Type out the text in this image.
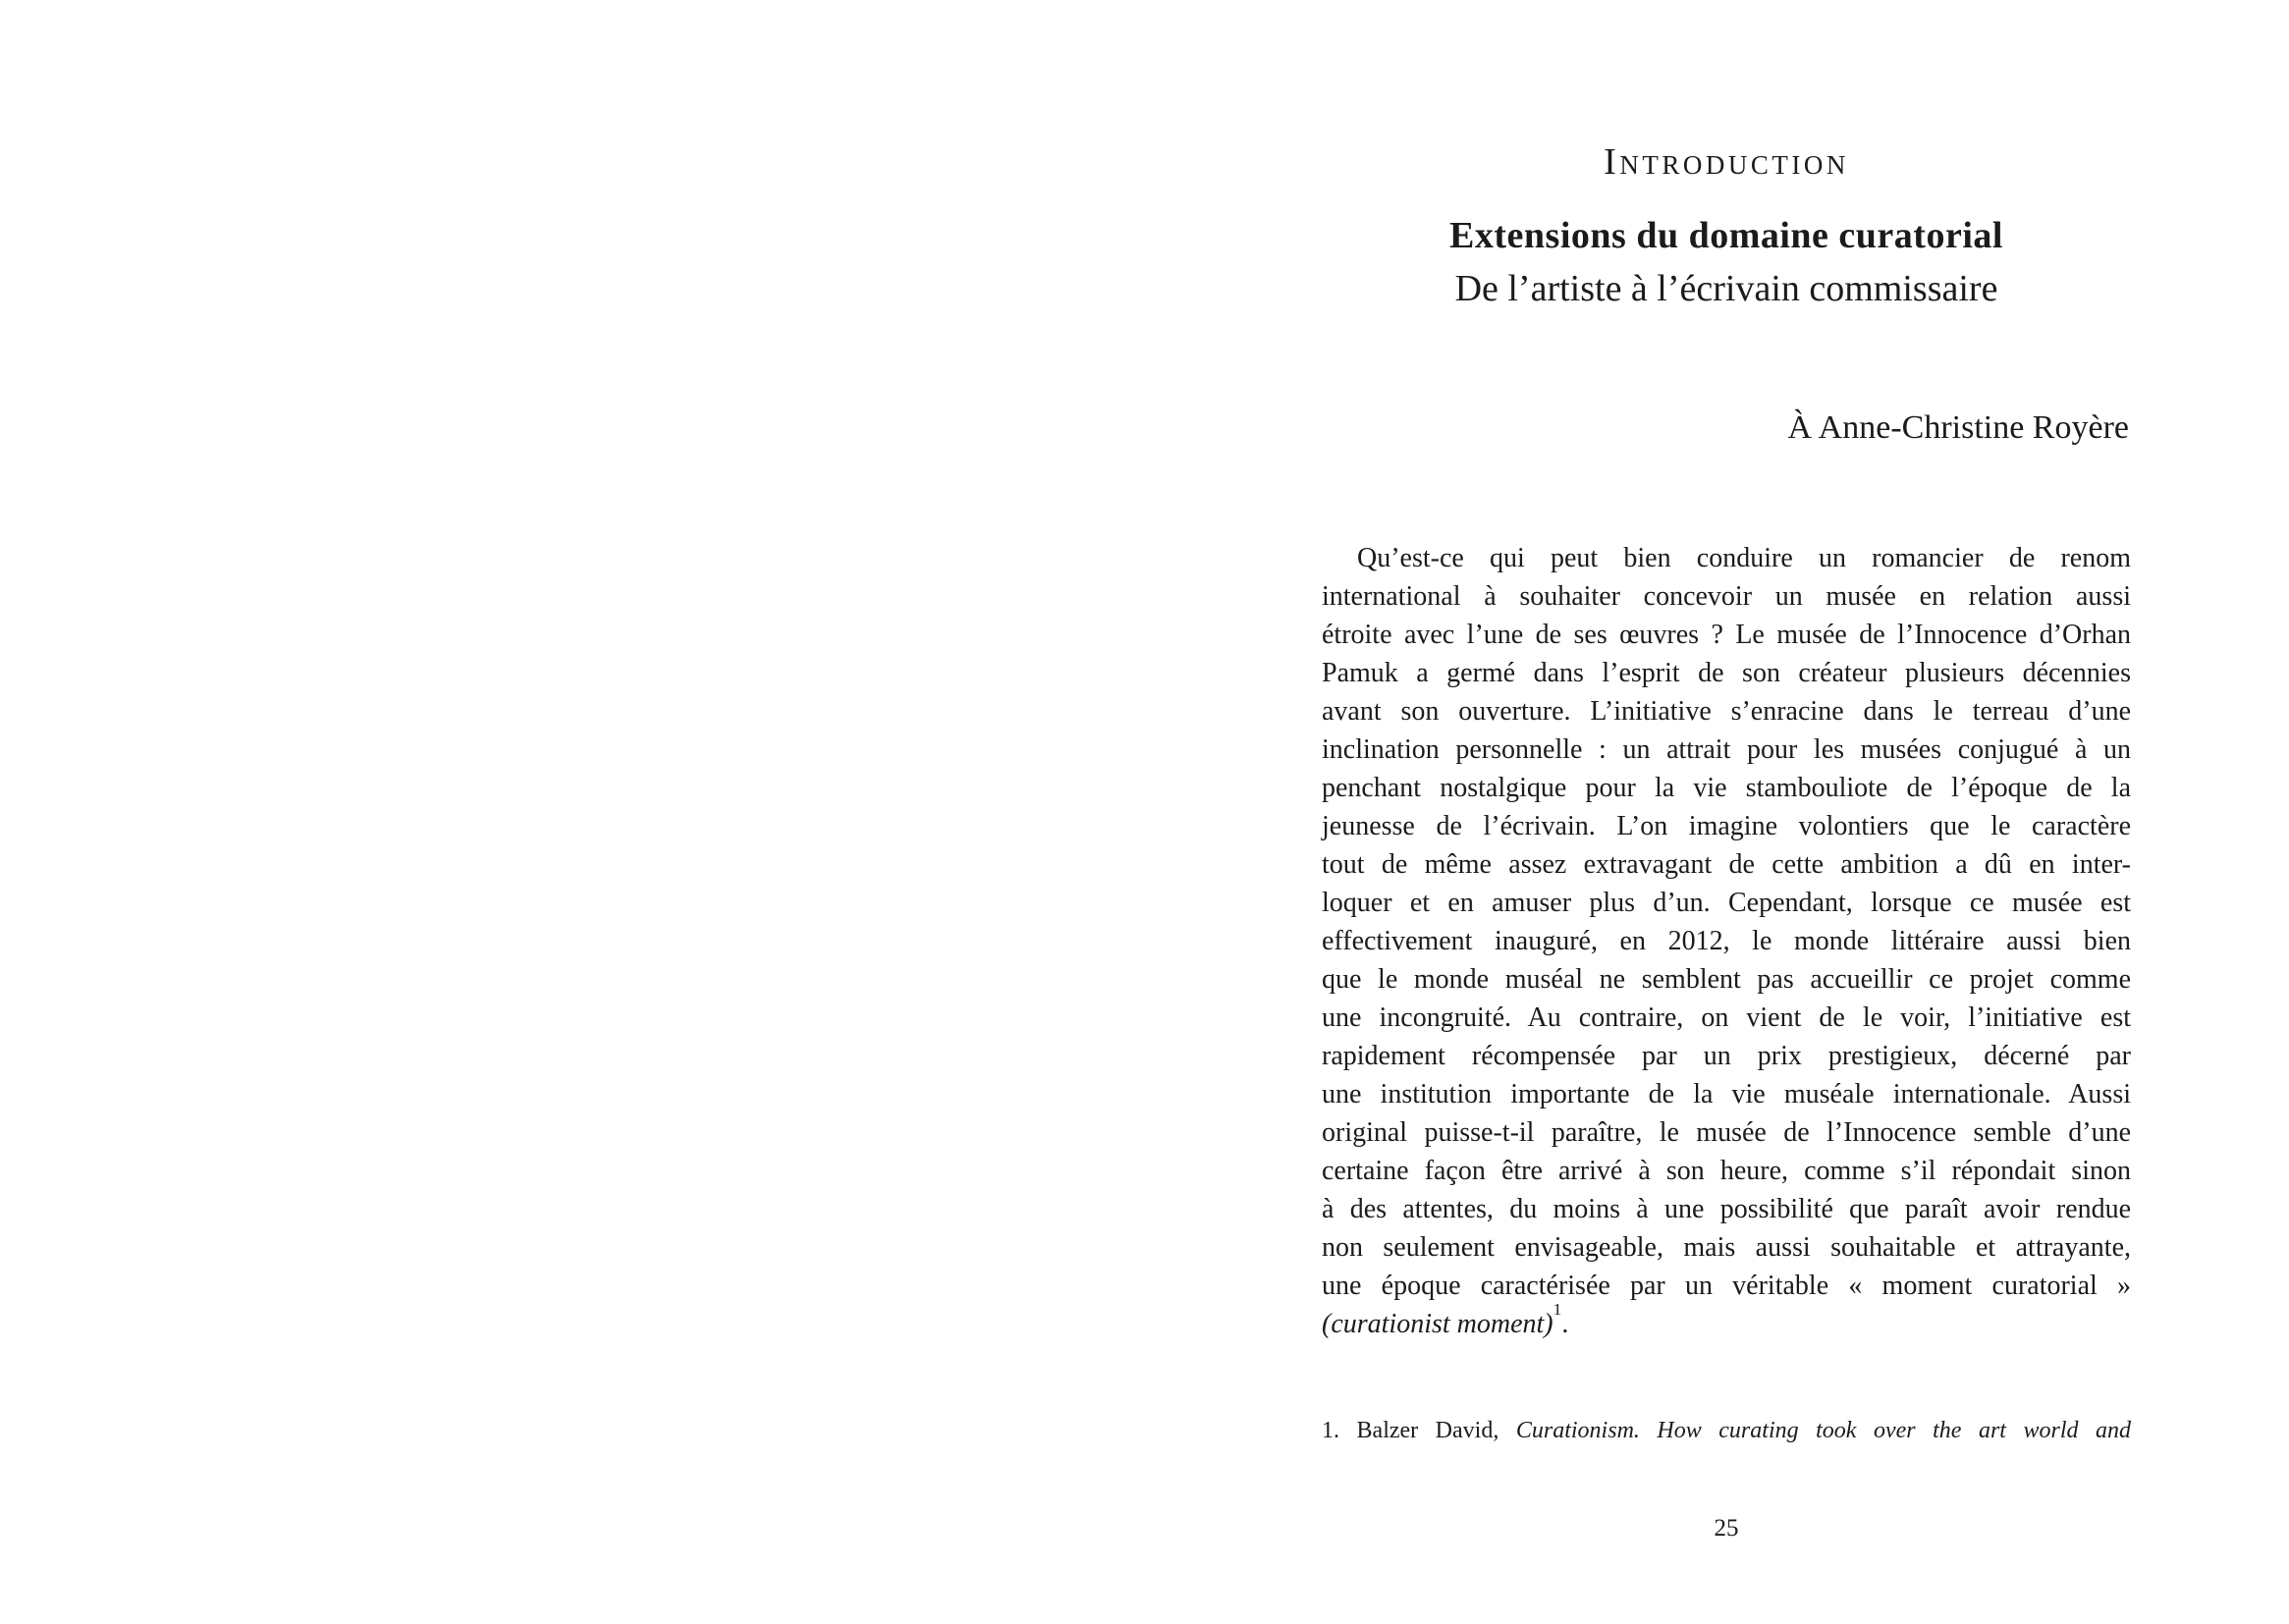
Introduction
Extensions du domaine curatorial
De l’artiste à l’écrivain commissaire
À Anne-Christine Royère
Qu’est-ce qui peut bien conduire un romancier de renom
international à souhaiter concevoir un musée en relation aussi
étroite avec l’une de ses œuvres ? Le musée de l’Innocence d’Orhan
Pamuk a germé dans l’esprit de son créateur plusieurs décennies
avant son ouverture. L’initiative s’enracine dans le terreau d’une
inclination personnelle : un attrait pour les musées conjugué à un
penchant nostalgique pour la vie stambouliote de l’époque de la
jeunesse de l’écrivain. L’on imagine volontiers que le caractère
tout de même assez extravagant de cette ambition a dû en inter-
loquer et en amuser plus d’un. Cependant, lorsque ce musée est
effectivement inauguré, en 2012, le monde littéraire aussi bien
que le monde muséal ne semblent pas accueillir ce projet comme
une incongruité. Au contraire, on vient de le voir, l’initiative est
rapidement récompensée par un prix prestigieux, décerné par
une institution importante de la vie muséale internationale. Aussi
original puisse-t-il paraître, le musée de l’Innocence semble d’une
certaine façon être arrivé à son heure, comme s’il répondait sinon
à des attentes, du moins à une possibilité que paraît avoir rendue
non seulement envisageable, mais aussi souhaitable et attrayante,
une époque caractérisée par un véritable « moment curatorial »
(curationist moment)$^1$.
1. Balzer David, Curationism. How curating took over the art world and
25
